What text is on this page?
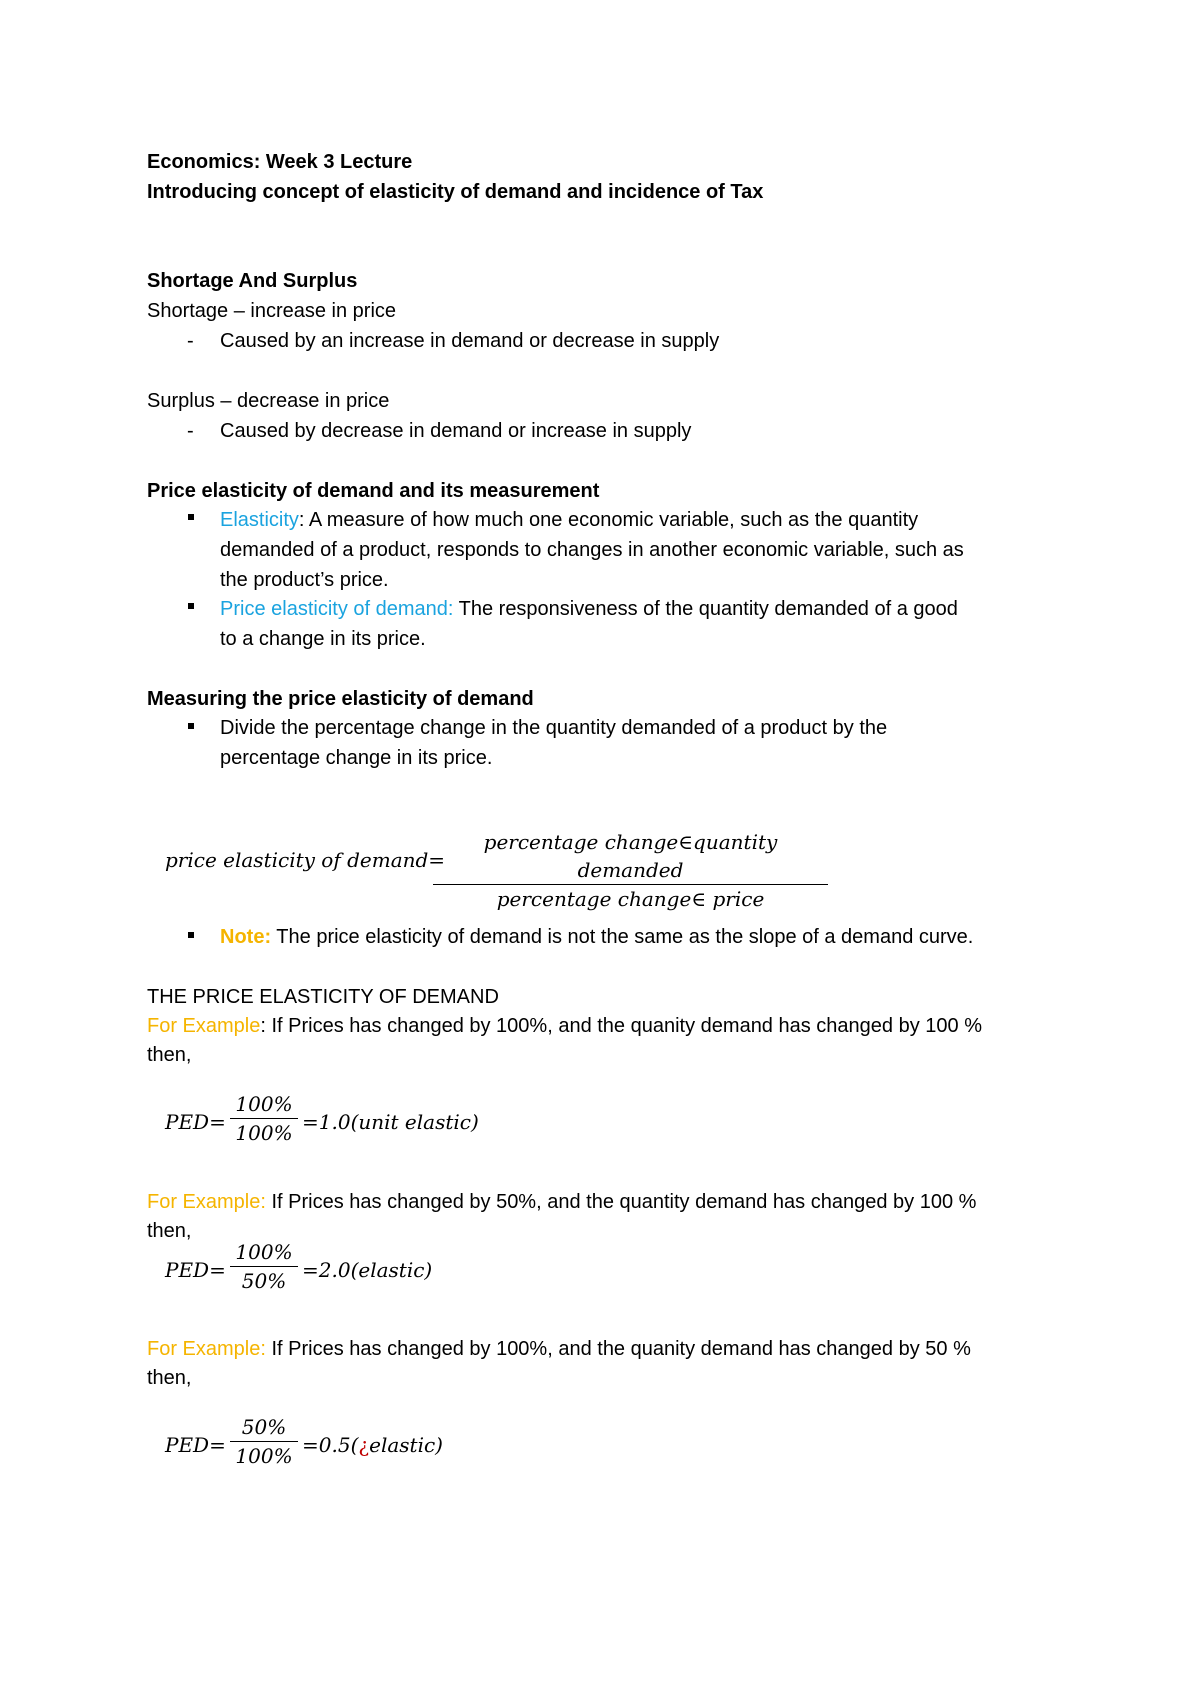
Economics: Week 3 Lecture
Introducing concept of elasticity of demand and incidence of Tax
Shortage And Surplus
Shortage – increase in price
- Caused by an increase in demand or decrease in supply
Surplus – decrease in price
- Caused by decrease in demand or increase in supply
Price elasticity of demand and its measurement
Elasticity: A measure of how much one economic variable, such as the quantity
demanded of a product, responds to changes in another economic variable, such as
the product’s price.
Price elasticity of demand: The responsiveness of the quantity demanded of a good
to a change in its price.
Measuring the price elasticity of demand
Divide the percentage change in the quantity demanded of a product by the
percentage change in its price.
price elasticity of demand=
percentage change∈quantity demanded
percentage change∈ price
Note: The price elasticity of demand is not the same as the slope of a demand curve.
THE PRICE ELASTICITY OF DEMAND
For Example: If Prices has changed by 100%, and the quanity demand has changed by 100 %
then,
PED=
100%
100% =1.0(unit elastic)
For Example: If Prices has changed by 50%, and the quantity demand has changed by 100 %
then,
PED=
100%
50% =2.0(elastic)
For Example: If Prices has changed by 100%, and the quanity demand has changed by 50 %
then,
PED=
50%
100% =0.5(¿elastic)
